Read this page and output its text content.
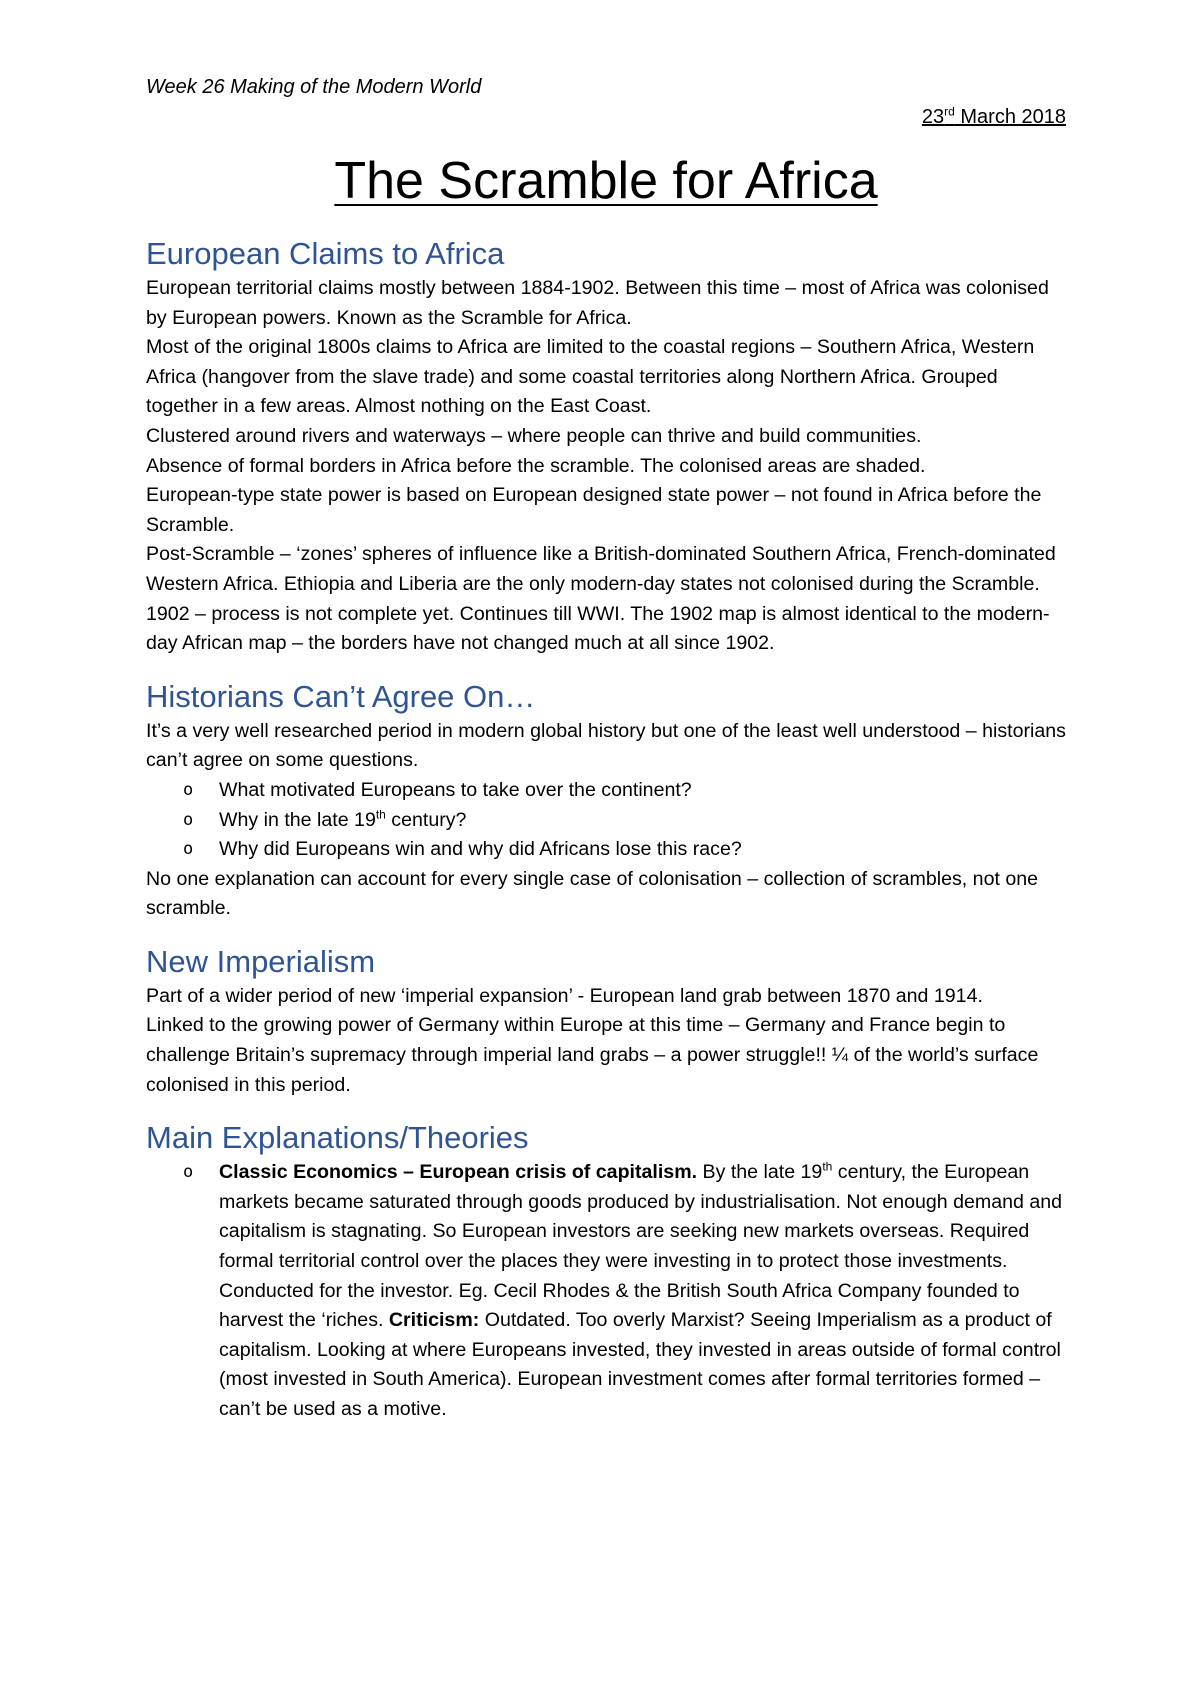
Week 26 Making of the Modern World
23rd March 2018
The Scramble for Africa
European Claims to Africa

European territorial claims mostly between 1884-1902. Between this time – most of Africa was colonised by European powers. Known as the Scramble for Africa.

Most of the original 1800s claims to Africa are limited to the coastal regions – Southern Africa, Western Africa (hangover from the slave trade) and some coastal territories along Northern Africa. Grouped together in a few areas. Almost nothing on the East Coast.

Clustered around rivers and waterways – where people can thrive and build communities.

Absence of formal borders in Africa before the scramble. The colonised areas are shaded.

European-type state power is based on European designed state power – not found in Africa before the Scramble.

Post-Scramble – ‘zones’ spheres of influence like a British-dominated Southern Africa, French-dominated Western Africa. Ethiopia and Liberia are the only modern-day states not colonised during the Scramble. 1902 – process is not complete yet. Continues till WWI. The 1902 map is almost identical to the modern-day African map – the borders have not changed much at all since 1902.

Historians Can’t Agree On…

It’s a very well researched period in modern global history but one of the least well understood – historians can’t agree on some questions.

o What motivated Europeans to take over the continent?
o Why in the late 19th century?
o Why did Europeans win and why did Africans lose this race?

No one explanation can account for every single case of colonisation – collection of scrambles, not one scramble.

New Imperialism

Part of a wider period of new ‘imperial expansion’ - European land grab between 1870 and 1914.

Linked to the growing power of Germany within Europe at this time – Germany and France begin to challenge Britain’s supremacy through imperial land grabs – a power struggle!! ¼ of the world’s surface colonised in this period.

Main Explanations/Theories
o Classic Economics – European crisis of capitalism. By the late 19th century, the European markets became saturated through goods produced by industrialisation. Not enough demand and capitalism is stagnating. So European investors are seeking new markets overseas. Required formal territorial control over the places they were investing in to protect those investments. Conducted for the investor. Eg. Cecil Rhodes & the British South Africa Company founded to harvest the ‘riches. Criticism: Outdated. Too overly Marxist? Seeing Imperialism as a product of capitalism. Looking at where Europeans invested, they invested in areas outside of formal control (most invested in South America). European investment comes after formal territories formed – can’t be used as a motive.
